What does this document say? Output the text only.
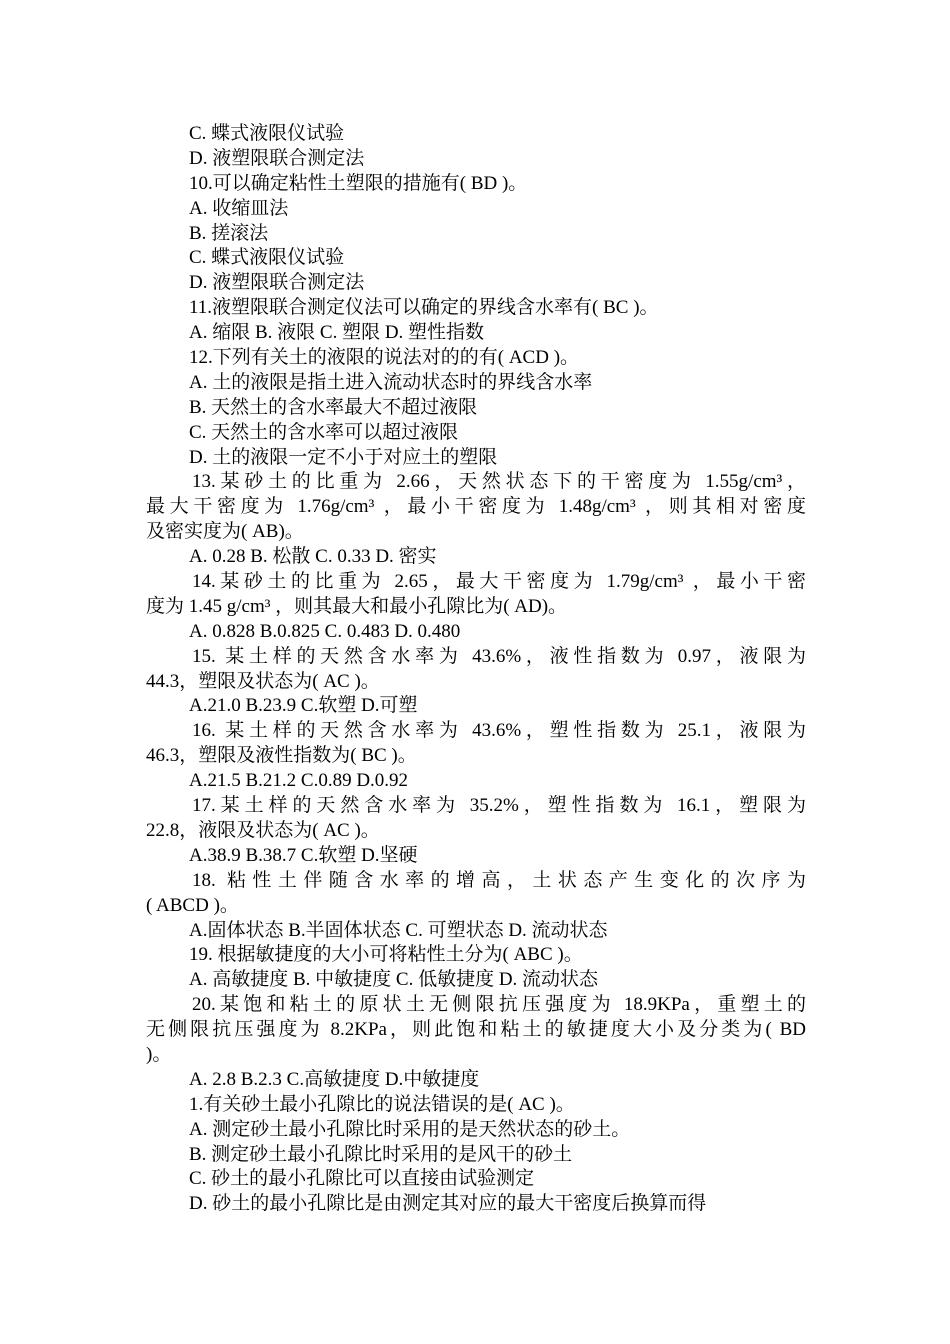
C. 蝶式液限仪试验

D. 液塑限联合测定法

10.可以确定粘性土塑限的措施有( BD )。

A. 收缩皿法

B. 搓滚法

C. 蝶式液限仪试验

D. 液塑限联合测定法

11.液塑限联合测定仪法可以确定的界线含水率有( BC )。

A. 缩限 B. 液限 C. 塑限 D. 塑性指数

12.下列有关土的液限的说法对的的有( ACD )。

A. 土的液限是指土进入流动状态时的界线含水率

B. 天然土的含水率最大不超过液限

C. 天然土的含水率可以超过液限

D. 土的液限一定不小于对应土的塑限

13.某砂土的比重为 2.66，天然状态下的干密度为 1.55g/cm³，

最大干密度为 1.76g/cm³ ，最小干密度为 1.48g/cm³ ，则其相对密度

及密实度为( AB)。

A. 0.28 B. 松散 C. 0.33 D. 密实

14.某砂土的比重为 2.65，最大干密度为 1.79g/cm³ ，最小干密

度为 1.45 g/cm³ ，则其最大和最小孔隙比为( AD)。

A. 0.828 B.0.825 C. 0.483 D. 0.480

15. 某土样的天然含水率为 43.6%，液性指数为 0.97，液限为

44.3，塑限及状态为( AC )。

A.21.0 B.23.9 C.软塑 D.可塑

16. 某土样的天然含水率为 43.6%，塑性指数为 25.1，液限为

46.3，塑限及液性指数为( BC )。

A.21.5 B.21.2 C.0.89 D.0.92

17.某土样的天然含水率为 35.2%，塑性指数为 16.1，塑限为

22.8，液限及状态为( AC )。

A.38.9 B.38.7 C.软塑 D.坚硬

18. 粘性土伴随含水率的增高，土状态产生变化的次序为

( ABCD )。

A.固体状态 B.半固体状态 C. 可塑状态 D. 流动状态

19. 根据敏捷度的大小可将粘性土分为( ABC )。

A. 高敏捷度 B. 中敏捷度 C. 低敏捷度 D. 流动状态

20.某饱和粘土的原状土无侧限抗压强度为 18.9KPa，重塑土的

无侧限抗压强度为 8.2KPa，则此饱和粘土的敏捷度大小及分类为( BD

)。

A. 2.8 B.2.3 C.高敏捷度 D.中敏捷度

1.有关砂土最小孔隙比的说法错误的是( AC )。

A. 测定砂土最小孔隙比时采用的是天然状态的砂土。

B. 测定砂土最小孔隙比时采用的是风干的砂土

C. 砂土的最小孔隙比可以直接由试验测定

D. 砂土的最小孔隙比是由测定其对应的最大干密度后换算而得
